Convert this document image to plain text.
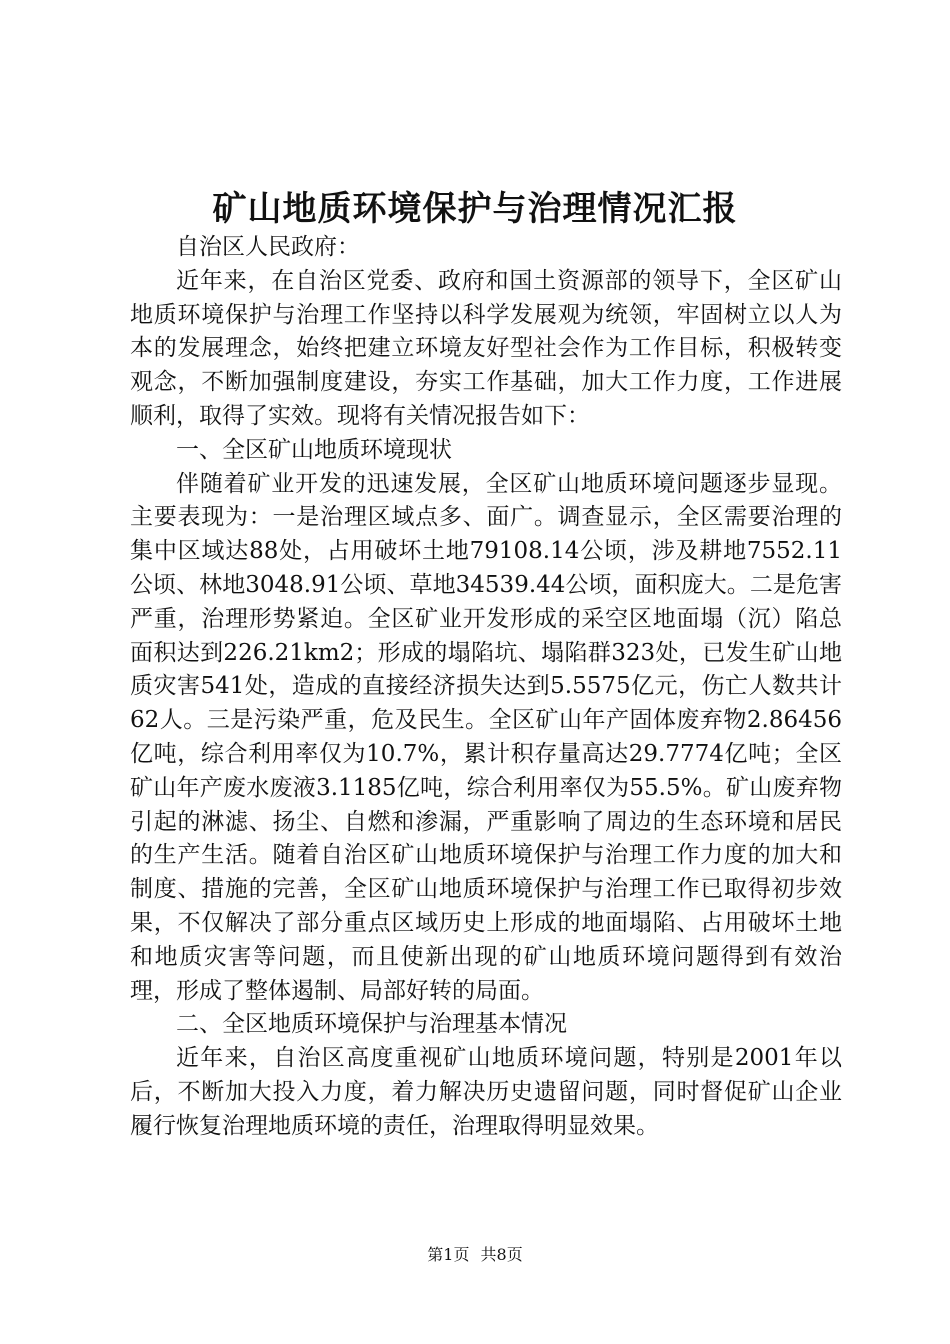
矿山地质环境保护与治理情况汇报

自治区人民政府：

近年来，在自治区党委、政府和国土资源部的领导下，全区矿山地质环境保护与治理工作坚持以科学发展观为统领，牢固树立以人为本的发展理念，始终把建立环境友好型社会作为工作目标，积极转变观念，不断加强制度建设，夯实工作基础，加大工作力度，工作进展顺利，取得了实效。现将有关情况报告如下：

一、全区矿山地质环境现状

伴随着矿业开发的迅速发展，全区矿山地质环境问题逐步显现。主要表现为：一是治理区域点多、面广。调查显示，全区需要治理的集中区域达88处，占用破坏土地79108.14公顷，涉及耕地7552.11公顷、林地3048.91公顷、草地34539.44公顷，面积庞大。二是危害严重，治理形势紧迫。全区矿业开发形成的采空区地面塌（沉）陷总面积达到226.21km2；形成的塌陷坑、塌陷群323处，已发生矿山地质灾害541处，造成的直接经济损失达到5.5575亿元，伤亡人数共计62人。三是污染严重，危及民生。全区矿山年产固体废弃物2.86456亿吨，综合利用率仅为10.7%，累计积存量高达29.7774亿吨；全区矿山年产废水废液3.1185亿吨，综合利用率仅为55.5%。矿山废弃物引起的淋滤、扬尘、自燃和渗漏，严重影响了周边的生态环境和居民的生产生活。随着自治区矿山地质环境保护与治理工作力度的加大和制度、措施的完善，全区矿山地质环境保护与治理工作已取得初步效果，不仅解决了部分重点区域历史上形成的地面塌陷、占用破坏土地和地质灾害等问题，而且使新出现的矿山地质环境问题得到有效治理，形成了整体遏制、局部好转的局面。

二、全区地质环境保护与治理基本情况

近年来，自治区高度重视矿山地质环境问题，特别是2001年以后，不断加大投入力度，着力解决历史遗留问题，同时督促矿山企业履行恢复治理地质环境的责任，治理取得明显效果。

第1页 共8页
